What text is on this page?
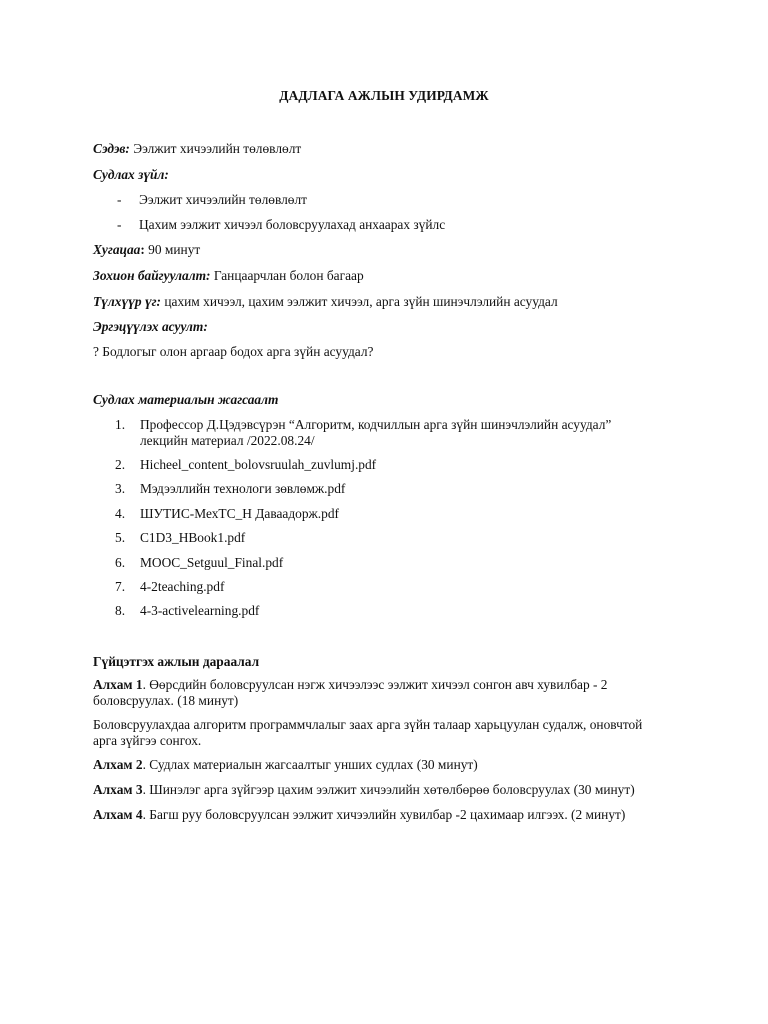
ДАДЛАГА АЖЛЫН УДИРДАМЖ
Сэдэв: Ээлжит хичээлийн төлөвлөлт
Судлах зүйл:
- Ээлжит хичээлийн төлөвлөлт
- Цахим ээлжит хичээл боловсруулахад анхаарах зүйлс
Хугацаа: 90 минут
Зохион байгуулалт: Ганцаарчлан болон багаар
Түлхүүр үг: цахим хичээл, цахим ээлжит хичээл, арга зүйн шинэчлэлийн асуудал
Эргэцүүлэх асуулт:
? Бодлогыг олон аргаар бодох арга зүйн асуудал?
Судлах материалын жагсаалт
1.	Профессор Д.Цэдэвсүрэн “Алгоритм, кодчиллын арга зүйн шинэчлэлийн асуудал”
лекцийн материал /2022.08.24/
2.	Hicheel_content_bolovsruulah_zuvlumj.pdf
3.	Мэдээллийн технологи зөвлөмж.pdf
4.	ШУТИС-МехТС_Н Даваадорж.pdf
5.	C1D3_HBook1.pdf
6.	MOOC_Setguul_Final.pdf
7.	4-2teaching.pdf
8.	4-3-activelearning.pdf
Гүйцэтгэх ажлын дараалал
Алхам 1. Өөрсдийн боловсруулсан нэгж хичээлээс ээлжит хичээл сонгон авч хувилбар - 2
боловсруулах. (18 минут)
Боловсруулахдаа алгоритм программчлалыг заах арга зүйн талаар харьцуулан судалж, оновчтой
арга зүйгээ сонгох.
Алхам 2. Судлах материалын жагсаалтыг унших судлах (30 минут)
Алхам 3. Шинэлэг арга зүйгээр цахим ээлжит хичээлийн хөтөлбөрөө боловсруулах (30 минут)
Алхам 4. Багш руу боловсруулсан ээлжит хичээлийн хувилбар -2 цахимаар илгээх. (2 минут)
